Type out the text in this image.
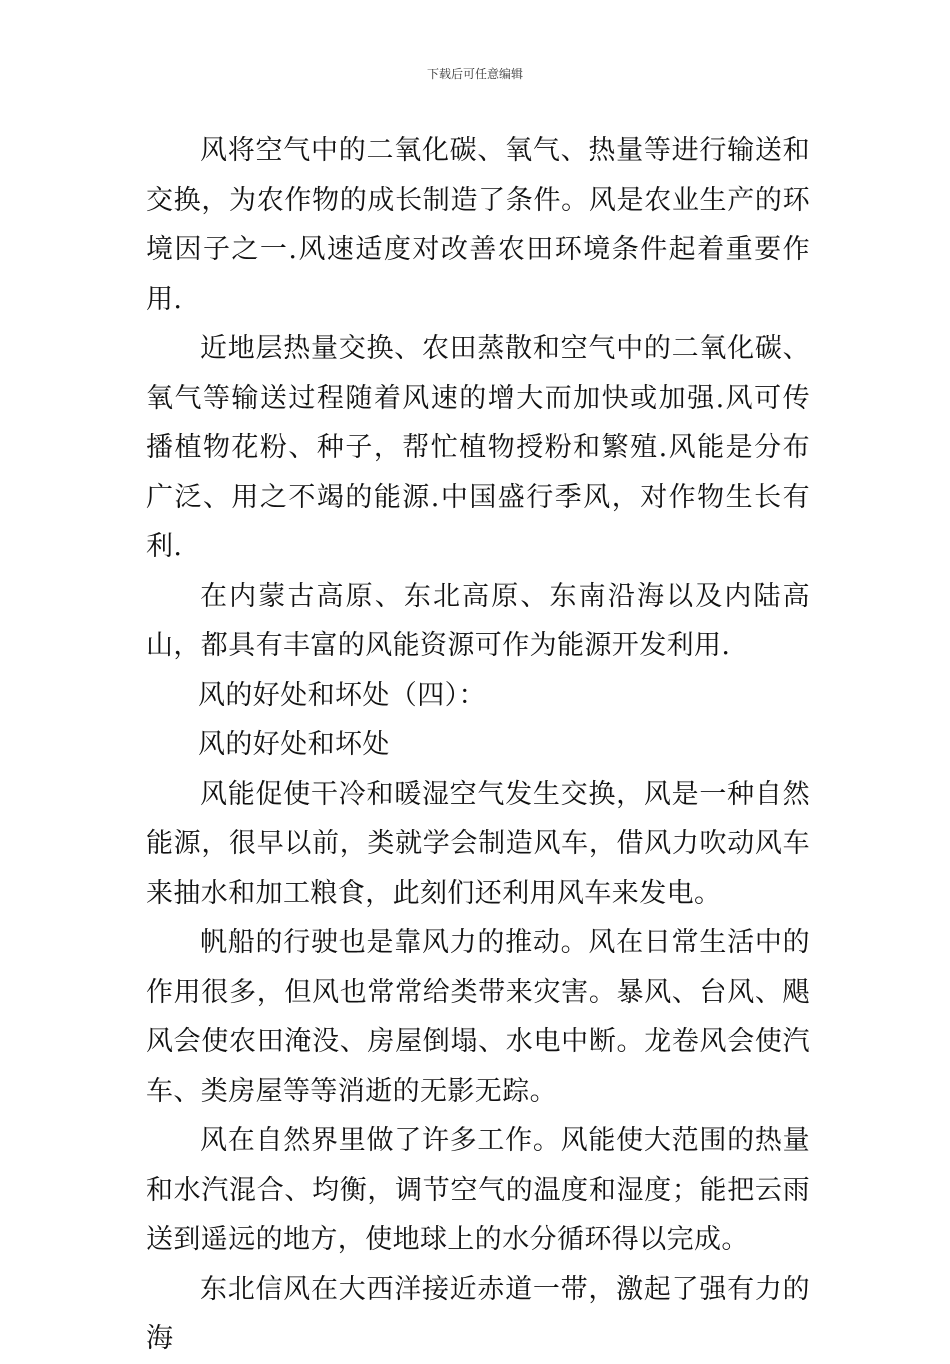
下载后可任意编辑

风将空气中的二氧化碳、氧气、热量等进行输送和交换，为农作物的成长制造了条件。风是农业生产的环境因子之一.风速适度对改善农田环境条件起着重要作用.

近地层热量交换、农田蒸散和空气中的二氧化碳、氧气等输送过程随着风速的增大而加快或加强.风可传播植物花粉、种子，帮忙植物授粉和繁殖.风能是分布广泛、用之不竭的能源.中国盛行季风，对作物生长有利.

在内蒙古高原、东北高原、东南沿海以及内陆高山，都具有丰富的风能资源可作为能源开发利用.

风的好处和坏处（四）：

风的好处和坏处

风能促使干冷和暖湿空气发生交换，风是一种自然能源，很早以前，类就学会制造风车，借风力吹动风车来抽水和加工粮食，此刻们还利用风车来发电。

帆船的行驶也是靠风力的推动。风在日常生活中的作用很多，但风也常常给类带来灾害。暴风、台风、飓风会使农田淹没、房屋倒塌、水电中断。龙卷风会使汽车、类房屋等等消逝的无影无踪。

风在自然界里做了许多工作。风能使大范围的热量和水汽混合、均衡，调节空气的温度和湿度；能把云雨送到遥远的地方，使地球上的水分循环得以完成。

东北信风在大西洋接近赤道一带，激起了强有力的海
